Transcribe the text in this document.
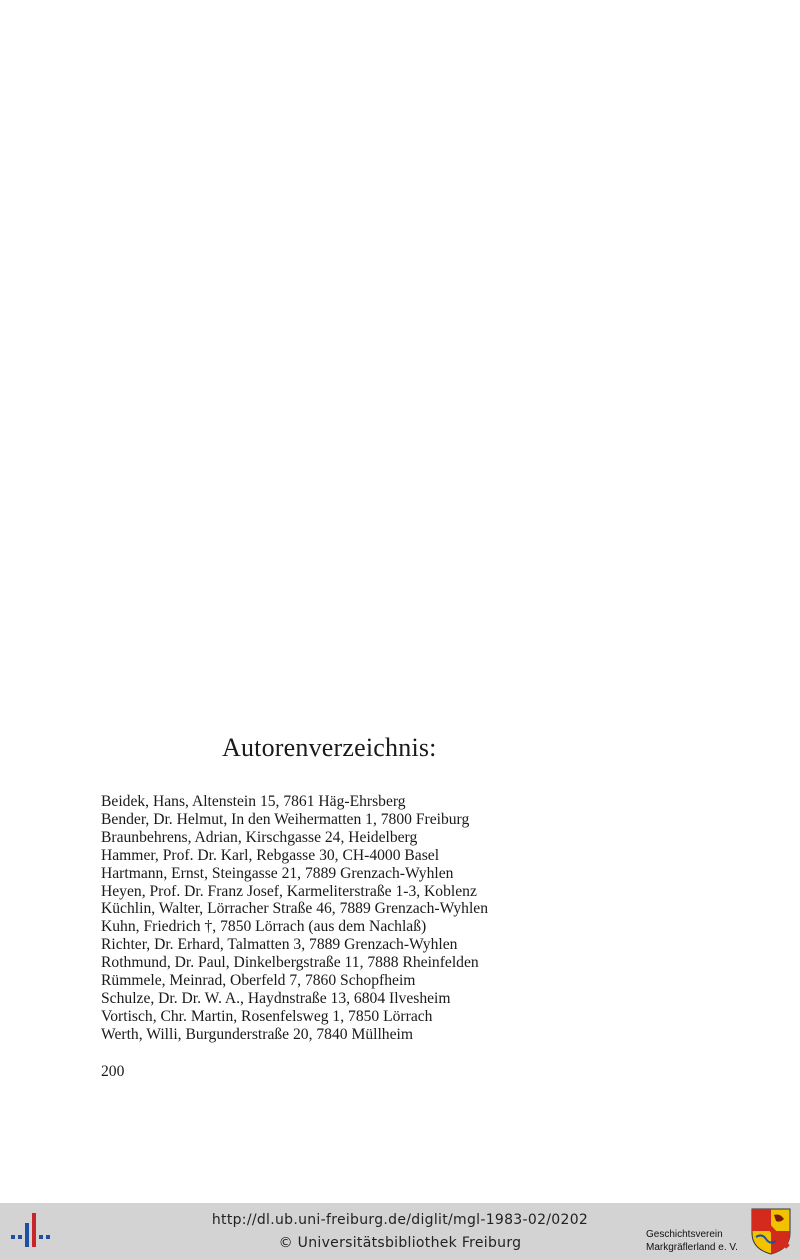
Autorenverzeichnis:
Beidek, Hans, Altenstein 15, 7861 Häg-Ehrsberg
Bender, Dr. Helmut, In den Weihermatten 1, 7800 Freiburg
Braunbehrens, Adrian, Kirschgasse 24, Heidelberg
Hammer, Prof. Dr. Karl, Rebgasse 30, CH-4000 Basel
Hartmann, Ernst, Steingasse 21, 7889 Grenzach-Wyhlen
Heyen, Prof. Dr. Franz Josef, Karmeliterstraße 1-3, Koblenz
Küchlin, Walter, Lörracher Straße 46, 7889 Grenzach-Wyhlen
Kuhn, Friedrich †, 7850 Lörrach (aus dem Nachlaß)
Richter, Dr. Erhard, Talmatten 3, 7889 Grenzach-Wyhlen
Rothmund, Dr. Paul, Dinkelbergstraße 11, 7888 Rheinfelden
Rümmele, Meinrad, Oberfeld 7, 7860 Schopfheim
Schulze, Dr. Dr. W. A., Haydnstraße 13, 6804 Ilvesheim
Vortisch, Chr. Martin, Rosenfelsweg 1, 7850 Lörrach
Werth, Willi, Burgunderstraße 20, 7840 Müllheim
200
http://dl.ub.uni-freiburg.de/diglit/mgl-1983-02/0202
© Universitätsbibliothek Freiburg
Geschichtsverein
Markgräflerland e. V.
